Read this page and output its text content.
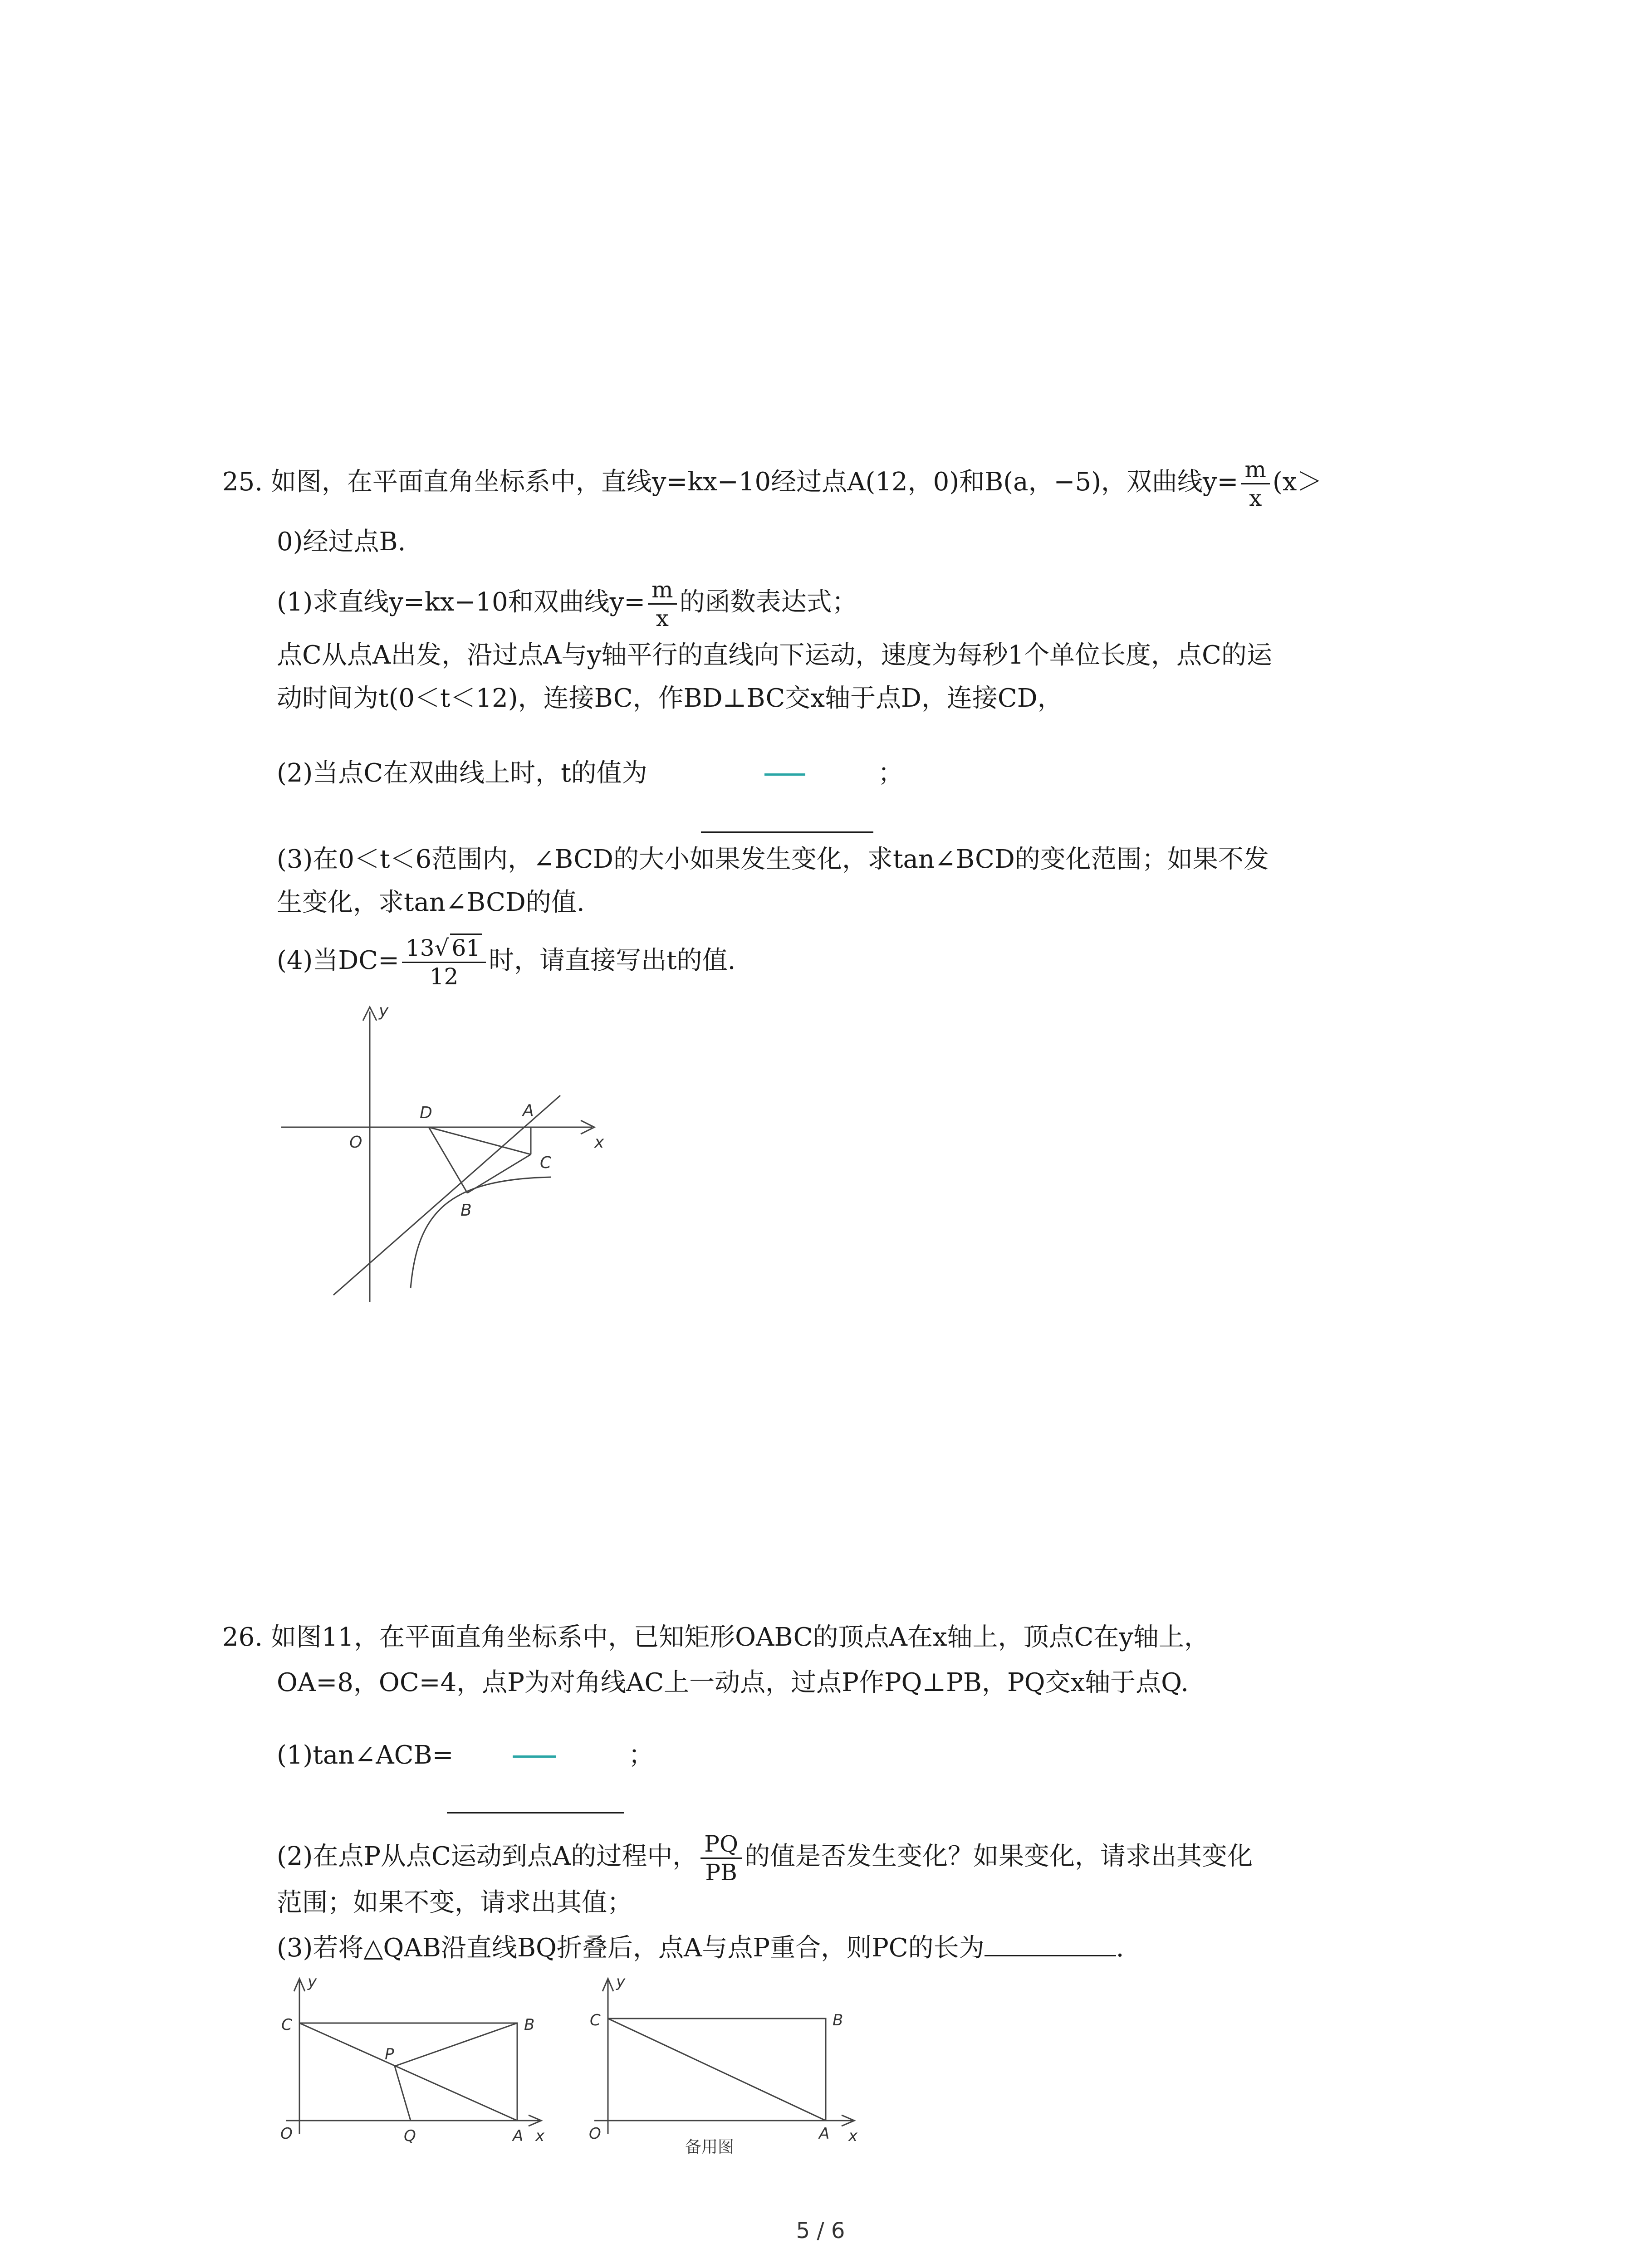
25. 如图，在平面直角坐标系中，直线y=kx−10经过点A(12，0)和B(a，−5)，双曲线$y= \frac{m}{x} (x>$
0)经过点B.
(1)求直线y=kx−10和双曲线$y= \frac{m}{x}$ 的函数表达式；
点C从点A出发，沿过点A与y轴平行的直线向下运动，速度为每秒1个单位长度，点C的运
动时间为t(0＜t＜12)，连接BC，作BD⊥BC交x轴于点D，连接CD，
(2)当点C在双曲线上时，t的值为	；
(3)在0＜t＜6范围内，∠BCD的大小如果发生变化，求tan∠BCD的变化范围；如果不发
生变化，求tan∠BCD的值.
(4)当$DC= \frac{13√ 61}{12}$ 时，请直接写出t的值.
y
x
O
D	A
C
B
26. 如图11，在平面直角坐标系中，已知矩形OABC的顶点A在x轴上，顶点C在y轴上，
OA=8，OC=4，点P为对角线AC上一动点，过点P作PQ⊥PB，PQ交x轴于点Q.
(1)tan∠ACB=	；
(2)在点P从点C运动到点A的过程中， $\frac{PQ}{PB}$ 的值是否发生变化？如果变化，请求出其变化
范围；如果不变，请求出其值；
(3)若将△QAB沿直线BQ折叠后，点A与点P重合，则PC的长为	.
y
C	B
P
O	Q	A x
y
C	B
O	A x
备用图
5 / 6
